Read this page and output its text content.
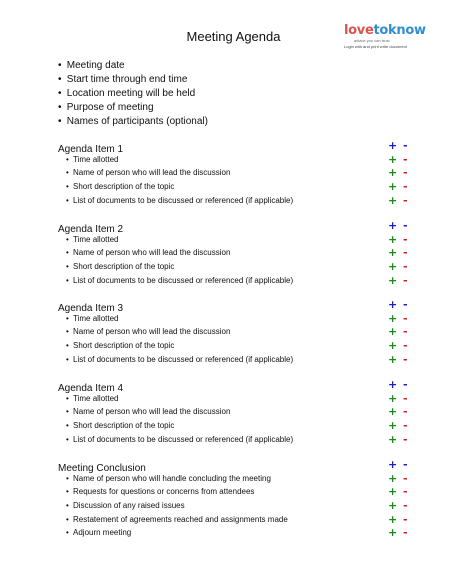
Meeting Agenda	lovetoknow
advice you can trust
Login with and print write document
• Meeting date
• Start time through end time
• Location meeting will be held
• Purpose of meeting
• Names of participants (optional)
Agenda Item 1	+ -
• Time allotted	+ -
• Name of person who will lead the discussion	+ -
• Short description of the topic	+ -
• List of documents to be discussed or referenced (if applicable)	+ -
Agenda Item 2	+ -
• Time allotted	+ -
• Name of person who will lead the discussion	+ -
• Short description of the topic	+ -
• List of documents to be discussed or referenced (if applicable)	+ -
Agenda Item 3	+ -
• Time allotted	+ -
• Name of person who will lead the discussion	+ -
• Short description of the topic	+ -
• List of documents to be discussed or referenced (if applicable)	+ -
Agenda Item 4	+ -
• Time allotted	+ -
• Name of person who will lead the discussion	+ -
• Short description of the topic	+ -
• List of documents to be discussed or referenced (if applicable)	+ -
Meeting Conclusion	+ -
• Name of person who will handle concluding the meeting	+ -
• Requests for questions or concerns from attendees	+ -
• Discussion of any raised issues	+ -
• Restatement of agreements reached and assignments made	+ -
• Adjourn meeting	+ -
